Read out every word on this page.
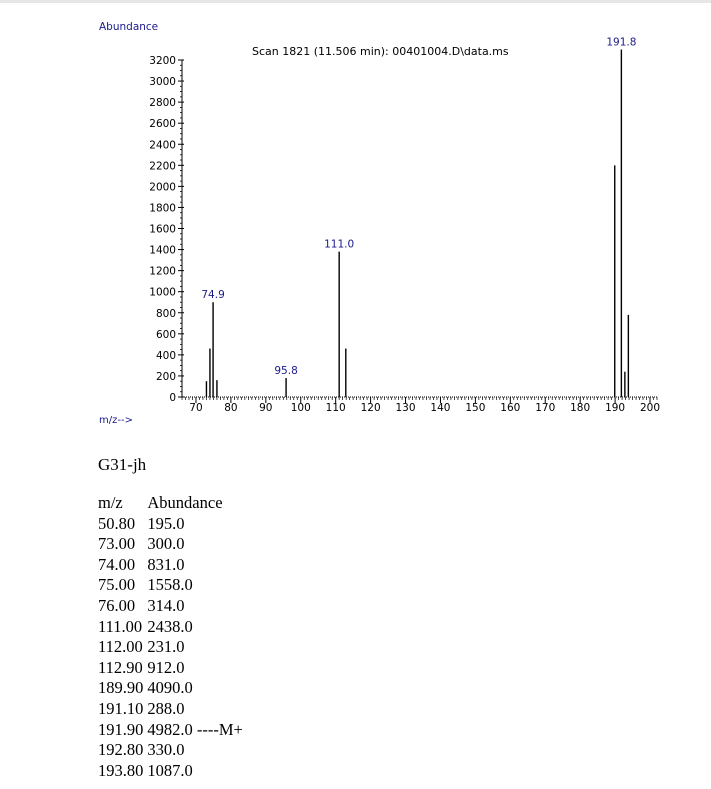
Abundance
Scan 1821 (11.506 min): 00401004.D\data.ms
m/z-->
0
200
400
600
800
1000
1200
1400
1600
1800
2000
2200
2400
2600
2800
3000
3200
70 80 90 100 110 120 130 140 150 160 170 180 190 200
74.9
95.8
111.0
191.8
G31-jh
m/z	Abundance
50.80	195.0
73.00	300.0
74.00	831.0
75.00	1558.0
76.00	314.0
111.00	2438.0
112.00	231.0
112.90	912.0
189.90	4090.0
191.10	288.0
191.90	4982.0 ----M+
192.80	330.0
193.80	1087.0
